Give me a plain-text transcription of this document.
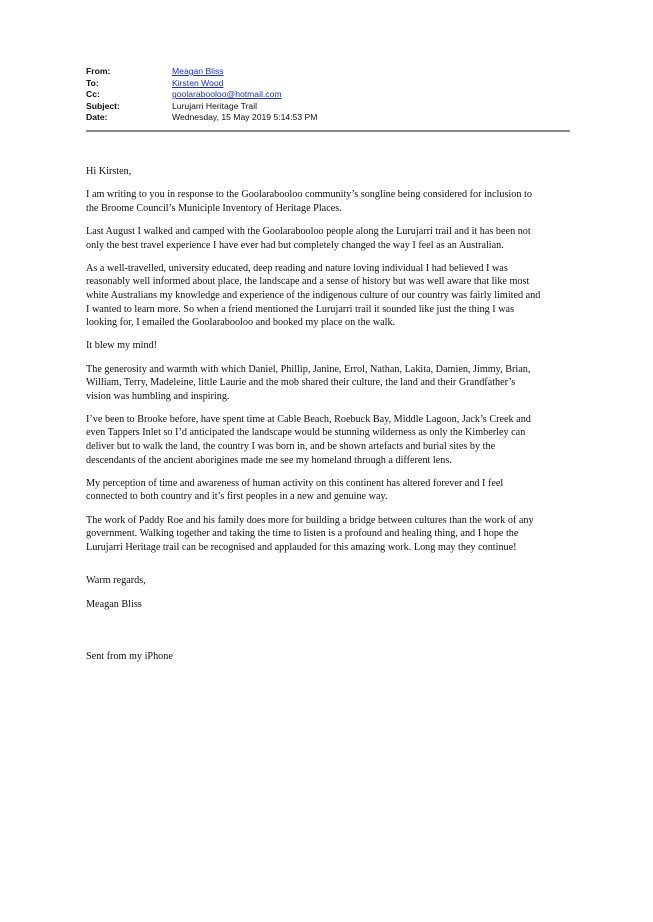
From:	Meagan Bliss
To:	Kirsten Wood
Cc:	goolarabooloo@hotmail.com
Subject:	Lurujarri Heritage Trail
Date:	Wednesday, 15 May 2019 5:14:53 PM

Hi Kirsten,

I am writing to you in response to the Goolarabooloo community’s songline being considered for inclusion to
the Broome Council’s Municiple Inventory of Heritage Places.

Last August I walked and camped with the Goolarabooloo people along the Lurujarri trail and it has been not
only the best travel experience I have ever had but completely changed the way I feel as an Australian.

As a well-travelled, university educated, deep reading and nature loving individual I had believed I was
reasonably well informed about place, the landscape and a sense of history but was well aware that like most
white Australians my knowledge and experience of the indigenous culture of our country was fairly limited and
I wanted to learn more. So when a friend mentioned the Lurujarri trail it sounded like just the thing I was
looking for, I emailed the Goolarabooloo and booked my place on the walk.

It blew my mind!

The generosity and warmth with which Daniel, Phillip, Janine, Errol, Nathan, Lakita, Damien, Jimmy, Brian,
William, Terry, Madeleine, little Laurie and the mob shared their culture, the land and their Grandfather’s
vision was humbling and inspiring.

I’ve been to Brooke before, have spent time at Cable Beach, Roebuck Bay, Middle Lagoon, Jack’s Creek and
even Tappers Inlet so I’d anticipated the landscape would be stunning wilderness as only the Kimberley can
deliver but to walk the land, the country I was born in, and be shown artefacts and burial sites by the
descendants of the ancient aborigines made me see my homeland through a different lens.

My perception of time and awareness of human activity on this continent has altered forever and I feel
connected to both country and it’s first peoples in a new and genuine way.

The work of Paddy Roe and his family does more for building a bridge between cultures than the work of any
government. Walking together and taking the time to listen is a profound and healing thing, and I hope the
Lurujarri Heritage trail can be recognised and applauded for this amazing work. Long may they continue!

Warm regards,

Meagan Bliss

Sent from my iPhone
